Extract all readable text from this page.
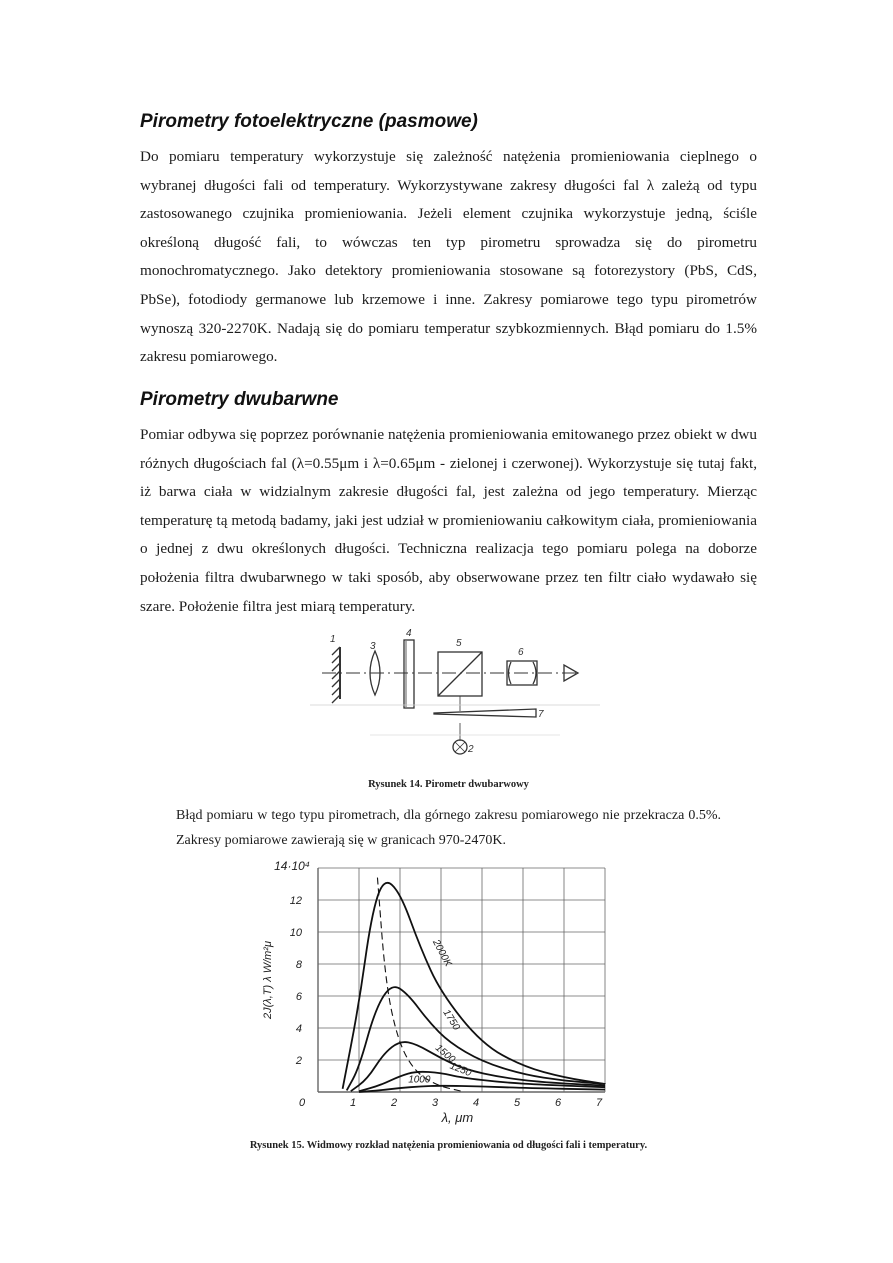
Pirometry fotoelektryczne (pasmowe)

Do pomiaru temperatury wykorzystuje się zależność natężenia promieniowania cieplnego o wybranej długości fali od temperatury. Wykorzystywane zakresy długości fal λ zależą od typu zastosowanego czujnika promieniowania. Jeżeli element czujnika wykorzystuje jedną, ściśle określoną długość fali, to wówczas ten typ pirometru sprowadza się do pirometru monochromatycznego. Jako detektory promieniowania stosowane są fotorezystory (PbS, CdS, PbSe), fotodiody germanowe lub krzemowe i inne. Zakresy pomiarowe tego typu pirometrów wynoszą 320-2270K. Nadają się do pomiaru temperatur szybkozmiennych. Błąd pomiaru do 1.5% zakresu pomiarowego.

Pirometry dwubarwne

Pomiar odbywa się poprzez porównanie natężenia promieniowania emitowanego przez obiekt w dwu różnych długościach fal (λ=0.55μm i λ=0.65μm - zielonej i czerwonej). Wykorzystuje się tutaj fakt, iż barwa ciała w widzialnym zakresie długości fal, jest zależna od jego temperatury. Mierząc temperaturę tą metodą badamy, jaki jest udział w promieniowaniu całkowitym ciała, promieniowania o jednej z dwu określonych długości. Techniczna realizacja tego pomiaru polega na doborze położenia filtra dwubarwnego w taki sposób, aby obserwowane przez ten filtr ciało wydawało się szare. Położenie filtra jest miarą temperatury.

1
3
4
5
6
7
2

Rysunek 14. Pirometr dwubarwowy

Błąd pomiaru w tego typu pirometrach, dla górnego zakresu pomiarowego nie przekracza 0.5%. Zakresy pomiarowe zawierają się w granicach 970-2470K.

2000K
1750
1500
1250
1000
2
4
6
8
10
12
14·10⁴
0	1	2	3	4	5	6	7
λ, μm
2J(λ,T) λ W/m²μ

Rysunek 15. Widmowy rozkład natężenia promieniowania od długości fali i temperatury.
